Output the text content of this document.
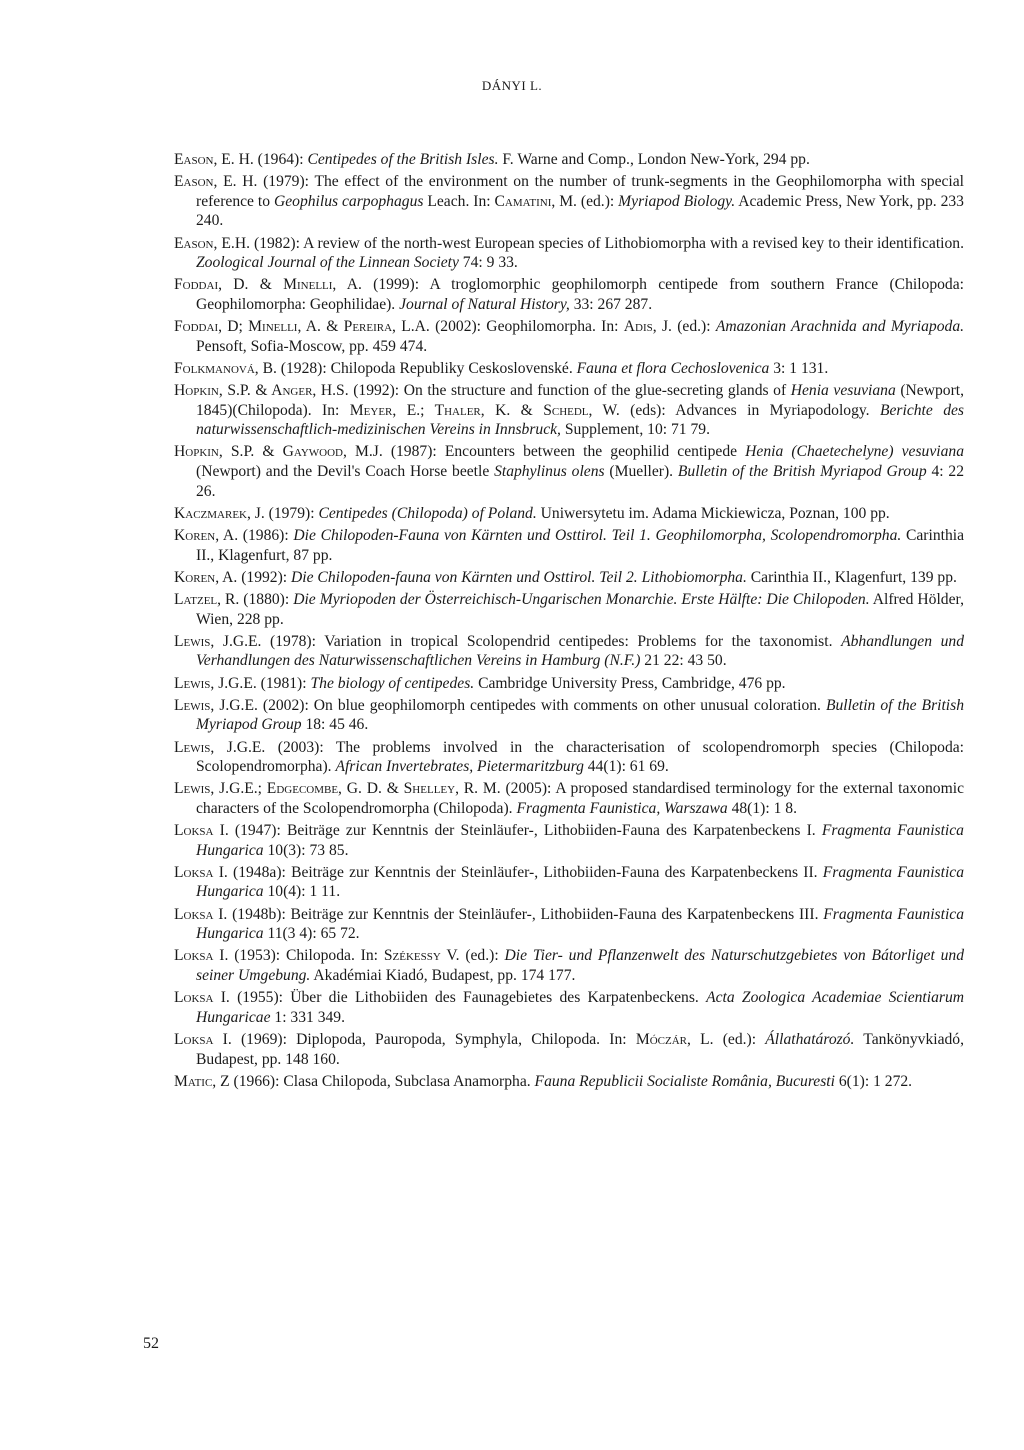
DÁNYI L.
Eason, E. H. (1964): Centipedes of the British Isles. F. Warne and Comp., London New-York, 294 pp.
Eason, E. H. (1979): The effect of the environment on the number of trunk-segments in the Geophilomorpha with special reference to Geophilus carpophagus Leach. In: Camatini, M. (ed.): Myriapod Biology. Academic Press, New York, pp. 233 240.
Eason, E.H. (1982): A review of the north-west European species of Lithobiomorpha with a revised key to their identification. Zoological Journal of the Linnean Society 74: 9 33.
Foddai, D. & Minelli, A. (1999): A troglomorphic geophilomorph centipede from southern France (Chilopoda: Geophilomorpha: Geophilidae). Journal of Natural History, 33: 267 287.
Foddai, D; Minelli, A. & Pereira, L.A. (2002): Geophilomorpha. In: Adis, J. (ed.): Amazonian Arachnida and Myriapoda. Pensoft, Sofia-Moscow, pp. 459 474.
Folkmanová, B. (1928): Chilopoda Republiky Ceskoslovenské. Fauna et flora Cechoslovenica 3: 1 131.
Hopkin, S.P. & Anger, H.S. (1992): On the structure and function of the glue-secreting glands of Henia vesuviana (Newport, 1845)(Chilopoda). In: Meyer, E.; Thaler, K. & Schedl, W. (eds): Advances in Myriapodology. Berichte des naturwissenschaftlich-medizinischen Vereins in Innsbruck, Supplement, 10: 71 79.
Hopkin, S.P. & Gaywood, M.J. (1987): Encounters between the geophilid centipede Henia (Chaetechelyne) vesuviana (Newport) and the Devil's Coach Horse beetle Staphylinus olens (Mueller). Bulletin of the British Myriapod Group 4: 22 26.
Kaczmarek, J. (1979): Centipedes (Chilopoda) of Poland. Uniwersytetu im. Adama Mickiewicza, Poznan, 100 pp.
Koren, A. (1986): Die Chilopoden-Fauna von Kärnten und Osttirol. Teil 1. Geophilomorpha, Scolopendromorpha. Carinthia II., Klagenfurt, 87 pp.
Koren, A. (1992): Die Chilopoden-fauna von Kärnten und Osttirol. Teil 2. Lithobiomorpha. Carinthia II., Klagenfurt, 139 pp.
Latzel, R. (1880): Die Myriopoden der Österreichisch-Ungarischen Monarchie. Erste Hälfte: Die Chilopoden. Alfred Hölder, Wien, 228 pp.
Lewis, J.G.E. (1978): Variation in tropical Scolopendrid centipedes: Problems for the taxonomist. Abhandlungen und Verhandlungen des Naturwissenschaftlichen Vereins in Hamburg (N.F.) 21 22: 43 50.
Lewis, J.G.E. (1981): The biology of centipedes. Cambridge University Press, Cambridge, 476 pp.
Lewis, J.G.E. (2002): On blue geophilomorph centipedes with comments on other unusual coloration. Bulletin of the British Myriapod Group 18: 45 46.
Lewis, J.G.E. (2003): The problems involved in the characterisation of scolopendromorph species (Chilopoda: Scolopendromorpha). African Invertebrates, Pietermaritzburg 44(1): 61 69.
Lewis, J.G.E.; Edgecombe, G. D. & Shelley, R. M. (2005): A proposed standardised terminology for the external taxonomic characters of the Scolopendromorpha (Chilopoda). Fragmenta Faunistica, Warszawa 48(1): 1 8.
Loksa I. (1947): Beiträge zur Kenntnis der Steinläufer-, Lithobiiden-Fauna des Karpatenbeckens I. Fragmenta Faunistica Hungarica 10(3): 73 85.
Loksa I. (1948a): Beiträge zur Kenntnis der Steinläufer-, Lithobiiden-Fauna des Karpatenbeckens II. Fragmenta Faunistica Hungarica 10(4): 1 11.
Loksa I. (1948b): Beiträge zur Kenntnis der Steinläufer-, Lithobiiden-Fauna des Karpatenbeckens III. Fragmenta Faunistica Hungarica 11(3 4): 65 72.
Loksa I. (1953): Chilopoda. In: Székessy V. (ed.): Die Tier- und Pflanzenwelt des Naturschutzgebietes von Bátorliget und seiner Umgebung. Akadémiai Kiadó, Budapest, pp. 174 177.
Loksa I. (1955): Über die Lithobiiden des Faunagebietes des Karpatenbeckens. Acta Zoologica Academiae Scientiarum Hungaricae 1: 331 349.
Loksa I. (1969): Diplopoda, Pauropoda, Symphyla, Chilopoda. In: Móczár, L. (ed.): Állathatározó. Tankönyvkiadó, Budapest, pp. 148 160.
Matic, Z (1966): Clasa Chilopoda, Subclasa Anamorpha. Fauna Republicii Socialiste România, Bucuresti 6(1): 1 272.
52
